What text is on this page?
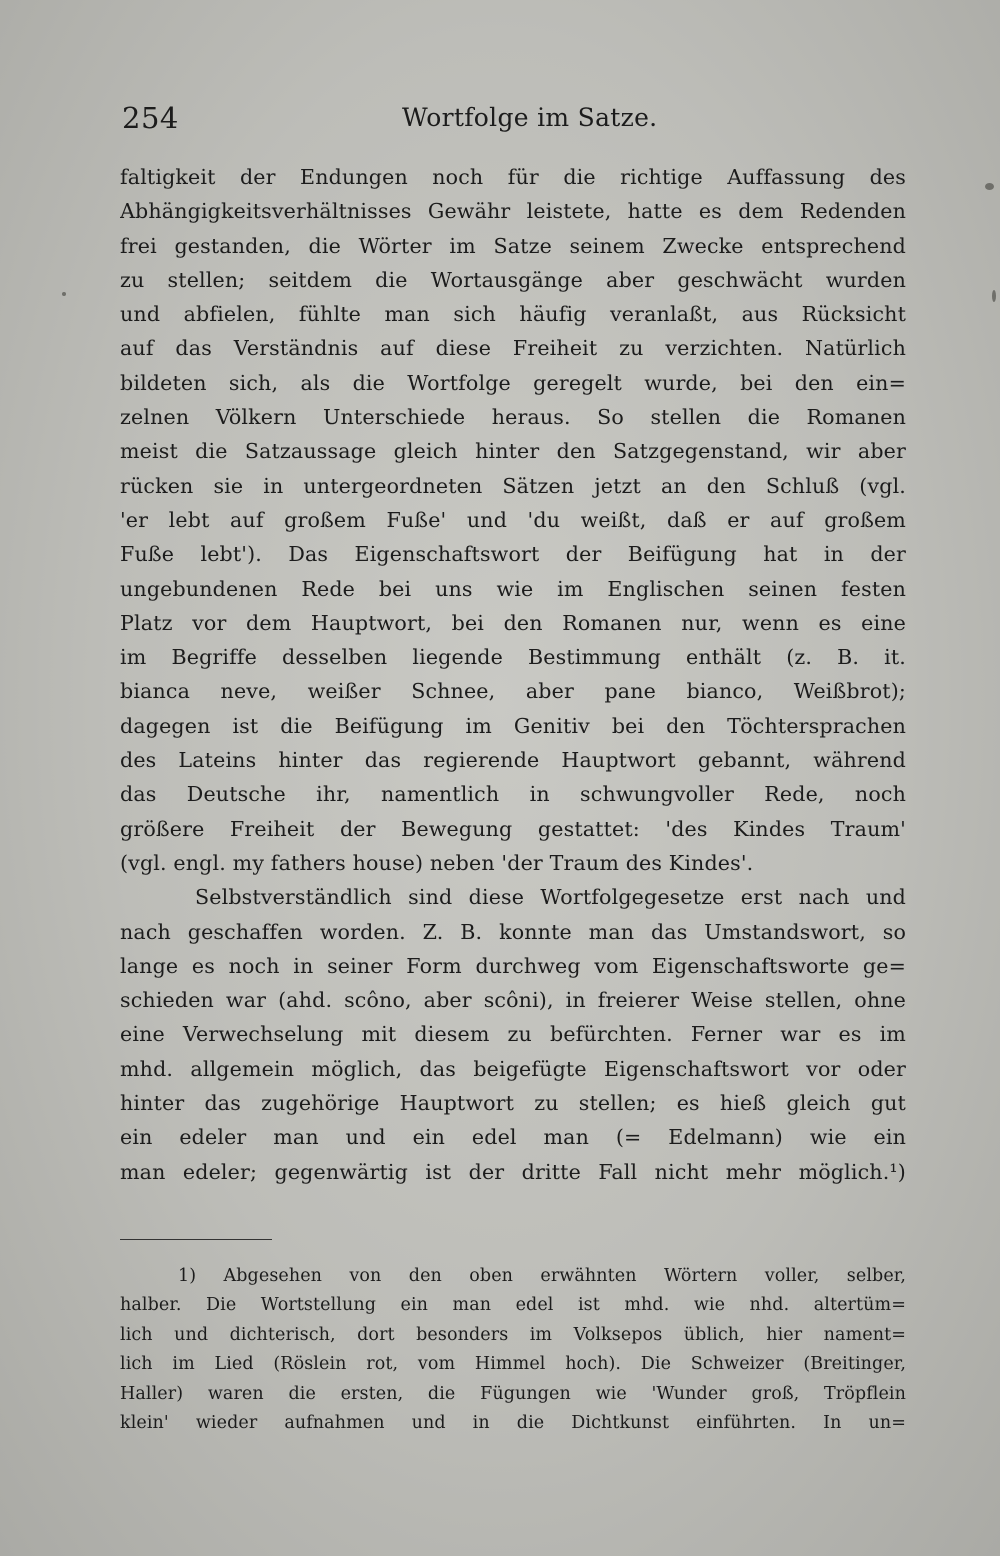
254	Wortfolge im Satze.
faltigkeit der Endungen noch für die richtige Auffassung des
Abhängigkeitsverhältnisses Gewähr leistete, hatte es dem Redenden
frei gestanden, die Wörter im Satze seinem Zwecke entsprechend
zu stellen; seitdem die Wortausgänge aber geschwächt wurden
und abfielen, fühlte man sich häufig veranlaßt, aus Rücksicht
auf das Verständnis auf diese Freiheit zu verzichten. Natürlich
bildeten sich, als die Wortfolge geregelt wurde, bei den ein=
zelnen Völkern Unterschiede heraus. So stellen die Romanen
meist die Satzaussage gleich hinter den Satzgegenstand, wir aber
rücken sie in untergeordneten Sätzen jetzt an den Schluß (vgl.
'er lebt auf großem Fuße' und 'du weißt, daß er auf großem
Fuße lebt'). Das Eigenschaftswort der Beifügung hat in der
ungebundenen Rede bei uns wie im Englischen seinen festen
Platz vor dem Hauptwort, bei den Romanen nur, wenn es eine
im Begriffe desselben liegende Bestimmung enthält (z. B. it.
bianca neve, weißer Schnee, aber pane bianco, Weißbrot);
dagegen ist die Beifügung im Genitiv bei den Töchtersprachen
des Lateins hinter das regierende Hauptwort gebannt, während
das Deutsche ihr, namentlich in schwungvoller Rede, noch
größere Freiheit der Bewegung gestattet: 'des Kindes Traum'
(vgl. engl. my fathers house) neben 'der Traum des Kindes'.
Selbstverständlich sind diese Wortfolgegesetze erst nach und
nach geschaffen worden. Z. B. konnte man das Umstandswort, so
lange es noch in seiner Form durchweg vom Eigenschaftsworte ge=
schieden war (ahd. scôno, aber scôni), in freierer Weise stellen, ohne
eine Verwechselung mit diesem zu befürchten. Ferner war es im
mhd. allgemein möglich, das beigefügte Eigenschaftswort vor oder
hinter das zugehörige Hauptwort zu stellen; es hieß gleich gut
ein edeler man und ein edel man (= Edelmann) wie ein
man edeler; gegenwärtig ist der dritte Fall nicht mehr möglich.¹)
1) Abgesehen von den oben erwähnten Wörtern voller, selber,
halber. Die Wortstellung ein man edel ist mhd. wie nhd. altertüm=
lich und dichterisch, dort besonders im Volksepos üblich, hier nament=
lich im Lied (Röslein rot, vom Himmel hoch). Die Schweizer (Breitinger,
Haller) waren die ersten, die Fügungen wie 'Wunder groß, Tröpflein
klein' wieder aufnahmen und in die Dichtkunst einführten. In un=
